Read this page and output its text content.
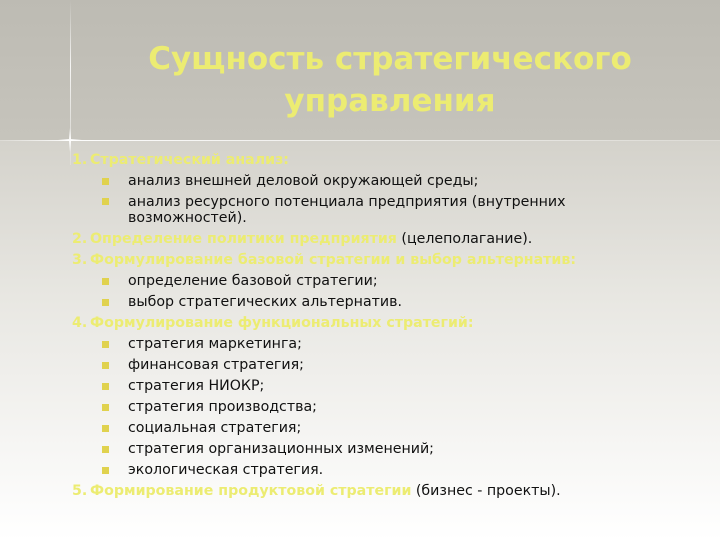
Сущность стратегического
управления
1. Стратегический анализ:
анализ внешней деловой окружающей среды;
анализ ресурсного потенциала предприятия (внутренних возможностей).
2. Определение политики предприятия (целеполагание).
3. Формулирование базовой стратегии и выбор альтернатив:
определение базовой стратегии;
выбор стратегических альтернатив.
4. Формулирование функциональных стратегий:
стратегия маркетинга;
финансовая стратегия;
стратегия НИОКР;
стратегия производства;
социальная стратегия;
стратегия организационных изменений;
экологическая стратегия.
5. Формирование продуктовой стратегии (бизнес - проекты).
